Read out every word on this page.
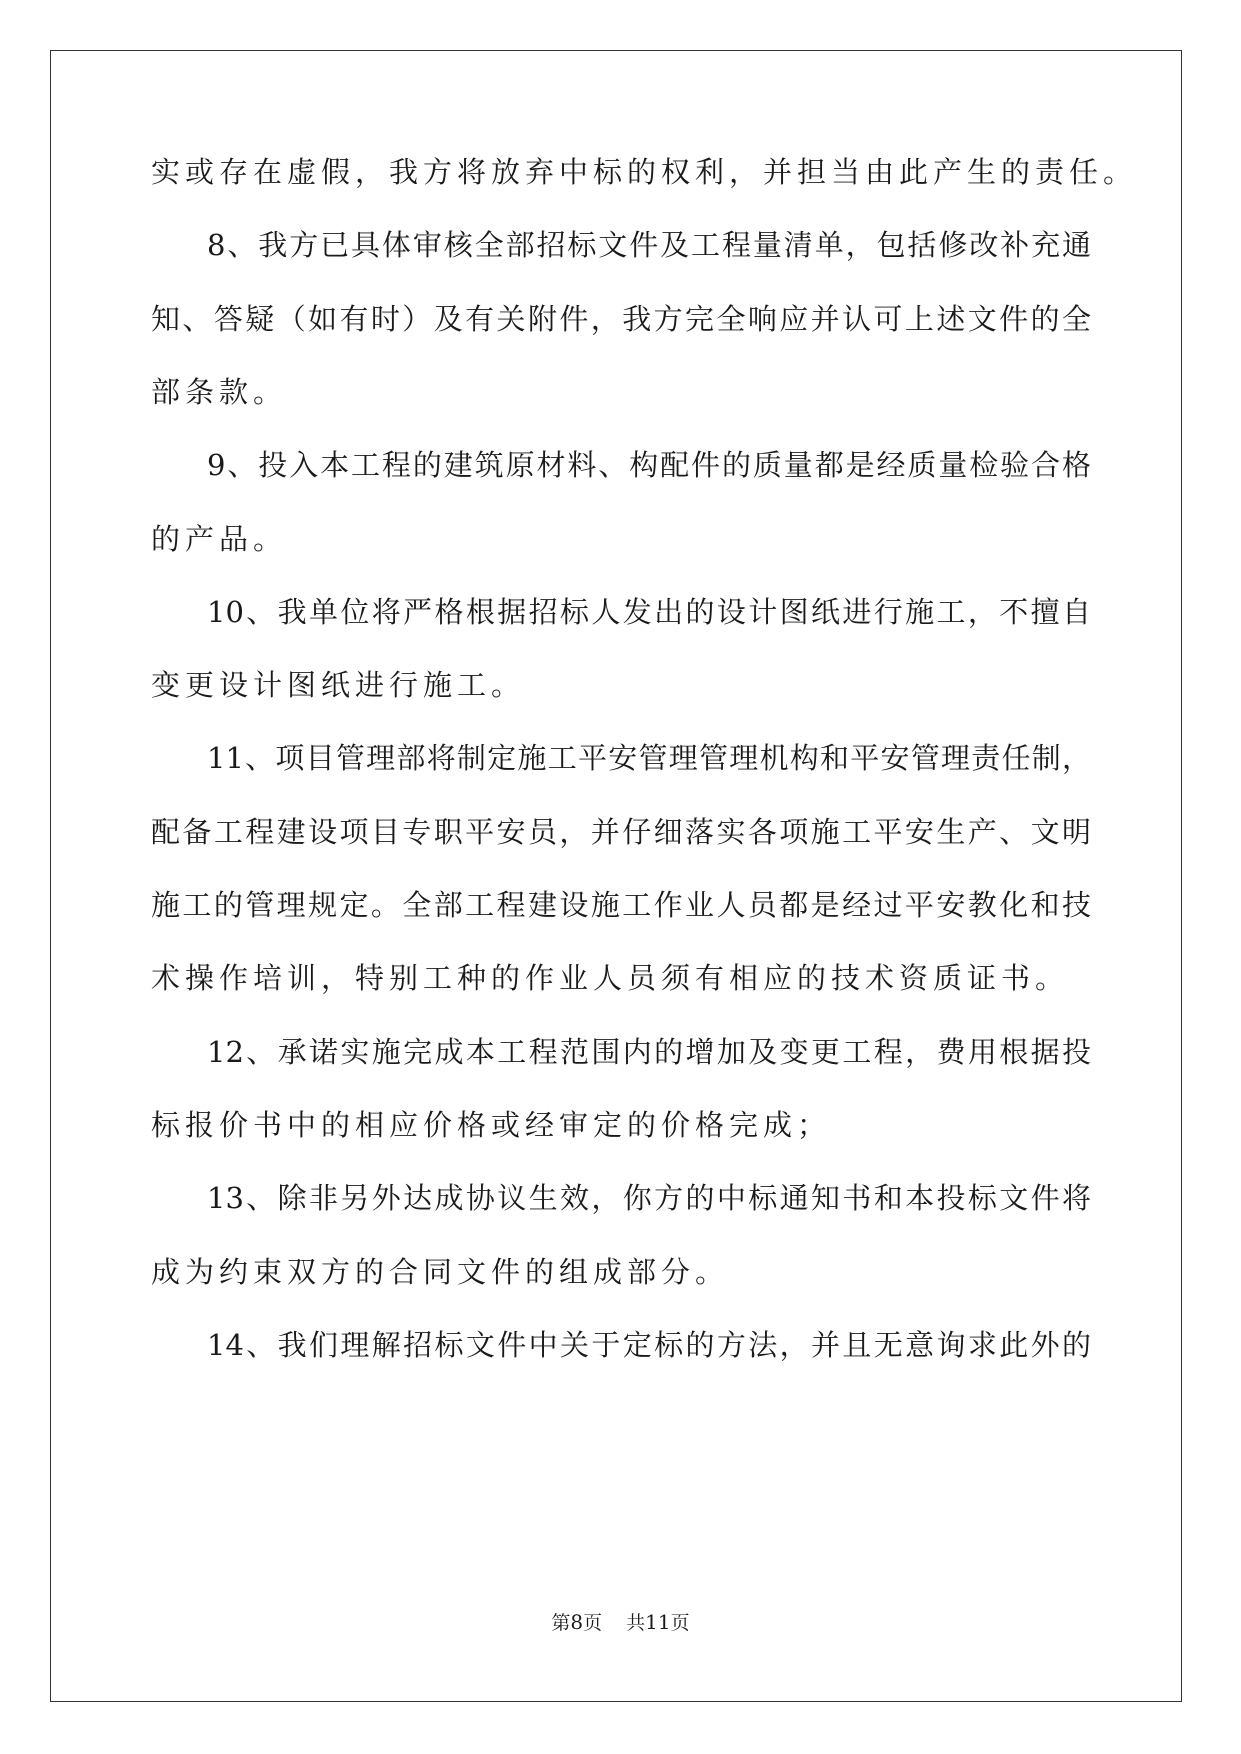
实或存在虚假，我方将放弃中标的权利，并担当由此产生的责任。
8、我方已具体审核全部招标文件及工程量清单，包括修改补充通
知、答疑（如有时）及有关附件，我方完全响应并认可上述文件的全
部条款。
9、投入本工程的建筑原材料、构配件的质量都是经质量检验合格
的产品。
10、我单位将严格根据招标人发出的设计图纸进行施工，不擅自
变更设计图纸进行施工。
11、项目管理部将制定施工平安管理管理机构和平安管理责任制，
配备工程建设项目专职平安员，并仔细落实各项施工平安生产、文明
施工的管理规定。全部工程建设施工作业人员都是经过平安教化和技
术操作培训，特别工种的作业人员须有相应的技术资质证书。
12、承诺实施完成本工程范围内的增加及变更工程，费用根据投
标报价书中的相应价格或经审定的价格完成；
13、除非另外达成协议生效，你方的中标通知书和本投标文件将
成为约束双方的合同文件的组成部分。
14、我们理解招标文件中关于定标的方法，并且无意询求此外的
第8页 共11页
